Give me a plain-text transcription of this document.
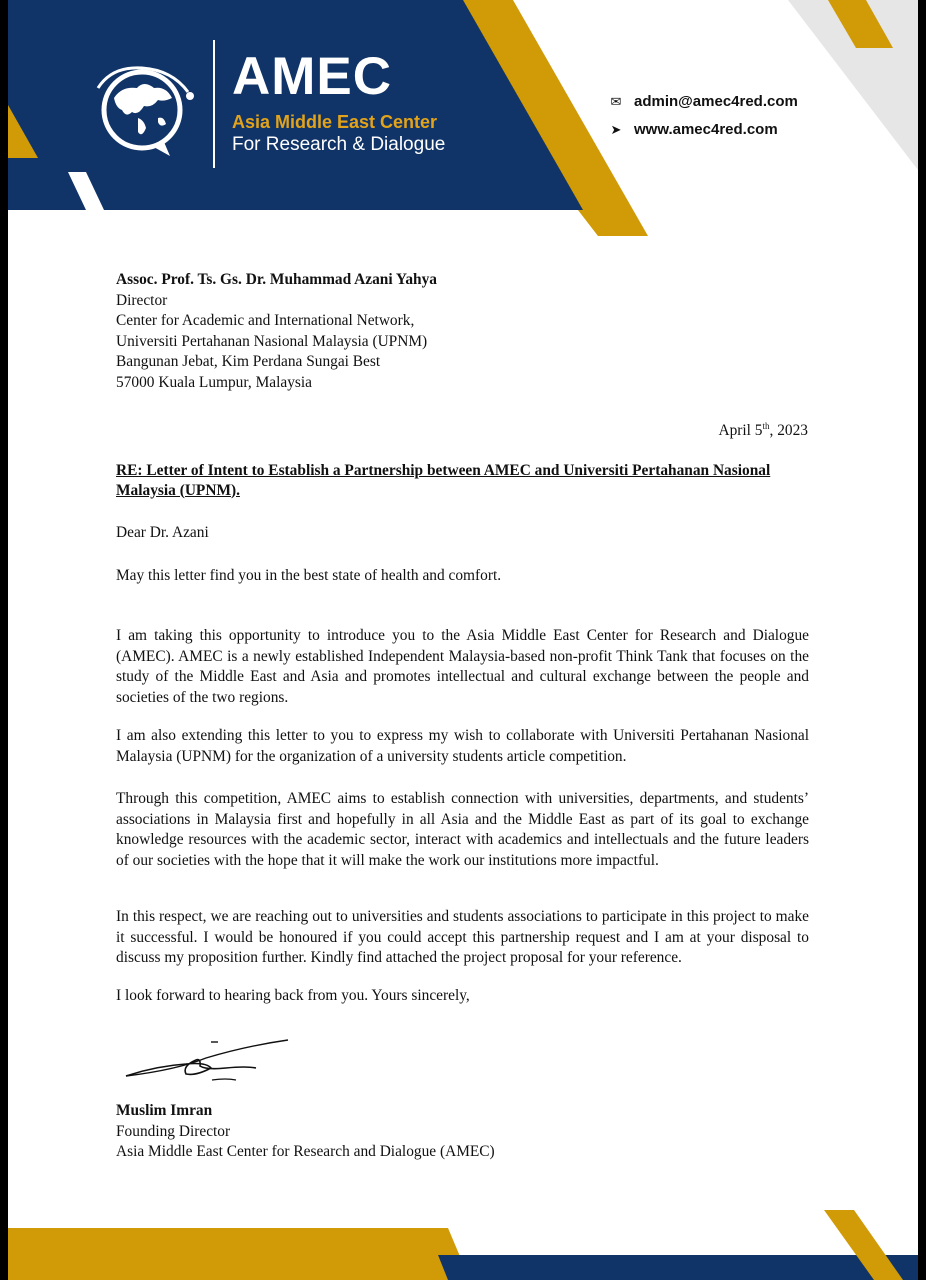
AMEC
Asia Middle East Center
For Research & Dialogue
✉ admin@amec4red.com
➤ www.amec4red.com
Assoc. Prof. Ts. Gs. Dr. Muhammad Azani Yahya
Director
Center for Academic and International Network,
Universiti Pertahanan Nasional Malaysia (UPNM)
Bangunan Jebat, Kim Perdana Sungai Best
57000 Kuala Lumpur, Malaysia
April 5th, 2023
RE: Letter of Intent to Establish a Partnership between AMEC and Universiti Pertahanan Nasional Malaysia (UPNM).
Dear Dr. Azani
May this letter find you in the best state of health and comfort.
I am taking this opportunity to introduce you to the Asia Middle East Center for Research and Dialogue (AMEC). AMEC is a newly established Independent Malaysia-based non-profit Think Tank that focuses on the study of the Middle East and Asia and promotes intellectual and cultural exchange between the people and societies of the two regions.
I am also extending this letter to you to express my wish to collaborate with Universiti Pertahanan Nasional Malaysia (UPNM) for the organization of a university students article competition.
Through this competition, AMEC aims to establish connection with universities, departments, and students’ associations in Malaysia first and hopefully in all Asia and the Middle East as part of its goal to exchange knowledge resources with the academic sector, interact with academics and intellectuals and the future leaders of our societies with the hope that it will make the work our institutions more impactful.
In this respect, we are reaching out to universities and students associations to participate in this project to make it successful. I would be honoured if you could accept this partnership request and I am at your disposal to discuss my proposition further. Kindly find attached the project proposal for your reference.
I look forward to hearing back from you. Yours sincerely,
Muslim Imran
Founding Director
Asia Middle East Center for Research and Dialogue (AMEC)
